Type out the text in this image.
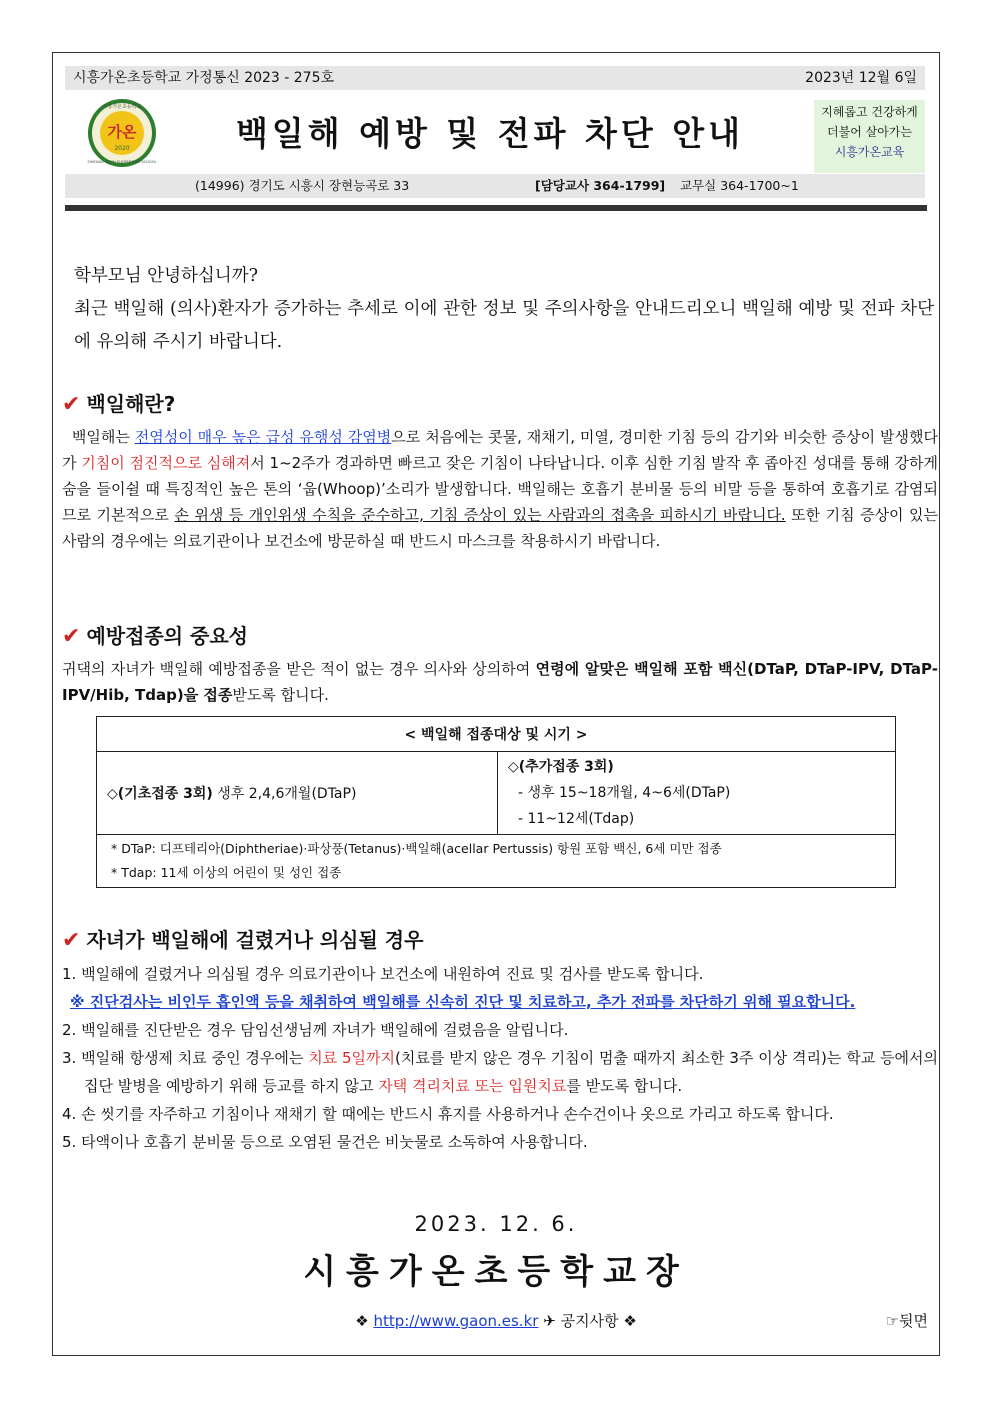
시흥가온초등학교 가정통신 2023 - 275호	2023년 12월 6일
가온
2020
시흥가온초등학교
SIHEUNG GAON ELEMENTARY SCHOOL
백일해 예방 및 전파 차단 안내
지혜롭고 건강하게
더불어 살아가는
시흥가온교육
(14996) 경기도 시흥시 장현능곡로 33	[담당교사 364-1799] 교무실 364-1700~1

학부모님 안녕하십니까?

최근 백일해 (의사)환자가 증가하는 추세로 이에 관한 정보 및 주의사항을 안내드리오니 백일해 예방 및 전파 차단에 유의해 주시기 바랍니다.

✔ 백일해란?
백일해는 전염성이 매우 높은 급성 유행성 감염병으로 처음에는 콧물, 재채기, 미열, 경미한 기침 등의 감기와 비슷한 증상이 발생했다가 기침이 점진적으로 심해져서 1~2주가 경과하면 빠르고 잦은 기침이 나타납니다. 이후 심한 기침 발작 후 좁아진 성대를 통해 강하게 숨을 들이쉴 때 특징적인 높은 톤의 ‘웁(Whoop)’소리가 발생합니다. 백일해는 호흡기 분비물 등의 비말 등을 통하여 호흡기로 감염되므로 기본적으로 손 위생 등 개인위생 수칙을 준수하고, 기침 증상이 있는 사람과의 접촉을 피하시기 바랍니다. 또한 기침 증상이 있는 사람의 경우에는 의료기관이나 보건소에 방문하실 때 반드시 마스크를 착용하시기 바랍니다.
✔ 예방접종의 중요성
귀댁의 자녀가 백일해 예방접종을 받은 적이 없는 경우 의사와 상의하여 연령에 알맞은 백일해 포함 백신(DTaP, DTaP-IPV, DTaP-IPV/Hib, Tdap)을 접종받도록 합니다.
< 백일해 접종대상 및 시기 >
◇(기초접종 3회) 생후 2,4,6개월(DTaP)	
◇(추가접종 3회)
- 생후 15~18개월, 4~6세(DTaP)
- 11~12세(Tdap)

* DTaP: 디프테리아(Diphtheriae)·파상풍(Tetanus)·백일해(acellar Pertussis) 항원 포함 백신, 6세 미만 접종
* Tdap: 11세 이상의 어린이 및 성인 접종
✔ 자녀가 백일해에 걸렸거나 의심될 경우
1. 백일해에 걸렸거나 의심될 경우 의료기관이나 보건소에 내원하여 진료 및 검사를 받도록 합니다.
※ 진단검사는 비인두 흡인액 등을 채취하여 백일해를 신속히 진단 및 치료하고, 추가 전파를 차단하기 위해 필요합니다.
2. 백일해를 진단받은 경우 담임선생님께 자녀가 백일해에 걸렸음을 알립니다.
3. 백일해 항생제 치료 중인 경우에는 치료 5일까지(치료를 받지 않은 경우 기침이 멈출 때까지 최소한 3주 이상 격리)는 학교 등에서의 집단 발병을 예방하기 위해 등교를 하지 않고 자택 격리치료 또는 입원치료를 받도록 합니다.
4. 손 씻기를 자주하고 기침이나 재채기 할 때에는 반드시 휴지를 사용하거나 손수건이나 옷으로 가리고 하도록 합니다.
5. 타액이나 호흡기 분비물 등으로 오염된 물건은 비눗물로 소독하여 사용합니다.
2023. 12. 6.
시흥가온초등학교장
❖ http://www.gaon.es.kr ✈ 공지사항 ❖	☞뒷면
